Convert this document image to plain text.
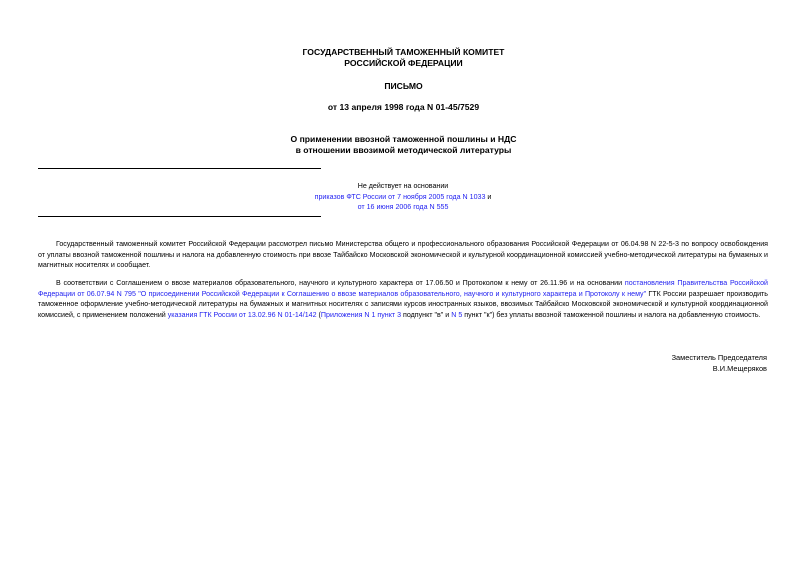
ГОСУДАРСТВЕННЫЙ ТАМОЖЕННЫЙ КОМИТЕТ
РОССИЙСКОЙ ФЕДЕРАЦИИ
ПИСЬМО
от 13 апреля 1998 года N 01-45/7529
О применении ввозной таможенной пошлины и НДС
в отношении ввозимой методической литературы
Не действует на основании
приказов ФТС России от 7 ноября 2005 года N 1033 и
от 16 июня 2006 года N 555

Государственный таможенный комитет Российской Федерации рассмотрел письмо Министерства общего и профессионального образования Российской Федерации от 06.04.98 N 22-5-3 по вопросу освобождения от уплаты ввозной таможенной пошлины и налога на добавленную стоимость при ввозе Тайбайско Московской экономической и культурной координационной комиссией учебно-методической литературы на бумажных и магнитных носителях и сообщает.

В соответствии с Соглашением о ввозе материалов образовательного, научного и культурного характера от 17.06.50 и Протоколом к нему от 26.11.96 и на основании постановления Правительства Российской Федерации от 06.07.94 N 795 "О присоединении Российской Федерации к Соглашению о ввозе материалов образовательного, научного и культурного характера и Протоколу к нему" ГТК России разрешает производить таможенное оформление учебно-методической литературы на бумажных и магнитных носителях с записями курсов иностранных языков, ввозимых Тайбайско Московской экономической и культурной координационной комиссией, с применением положений указания ГТК России от 13.02.96 N 01-14/142 (Приложения N 1 пункт 3 подпункт "в" и N 5 пункт "к") без уплаты ввозной таможенной пошлины и налога на добавленную стоимость.

Заместитель Председателя
В.И.Мещеряков
